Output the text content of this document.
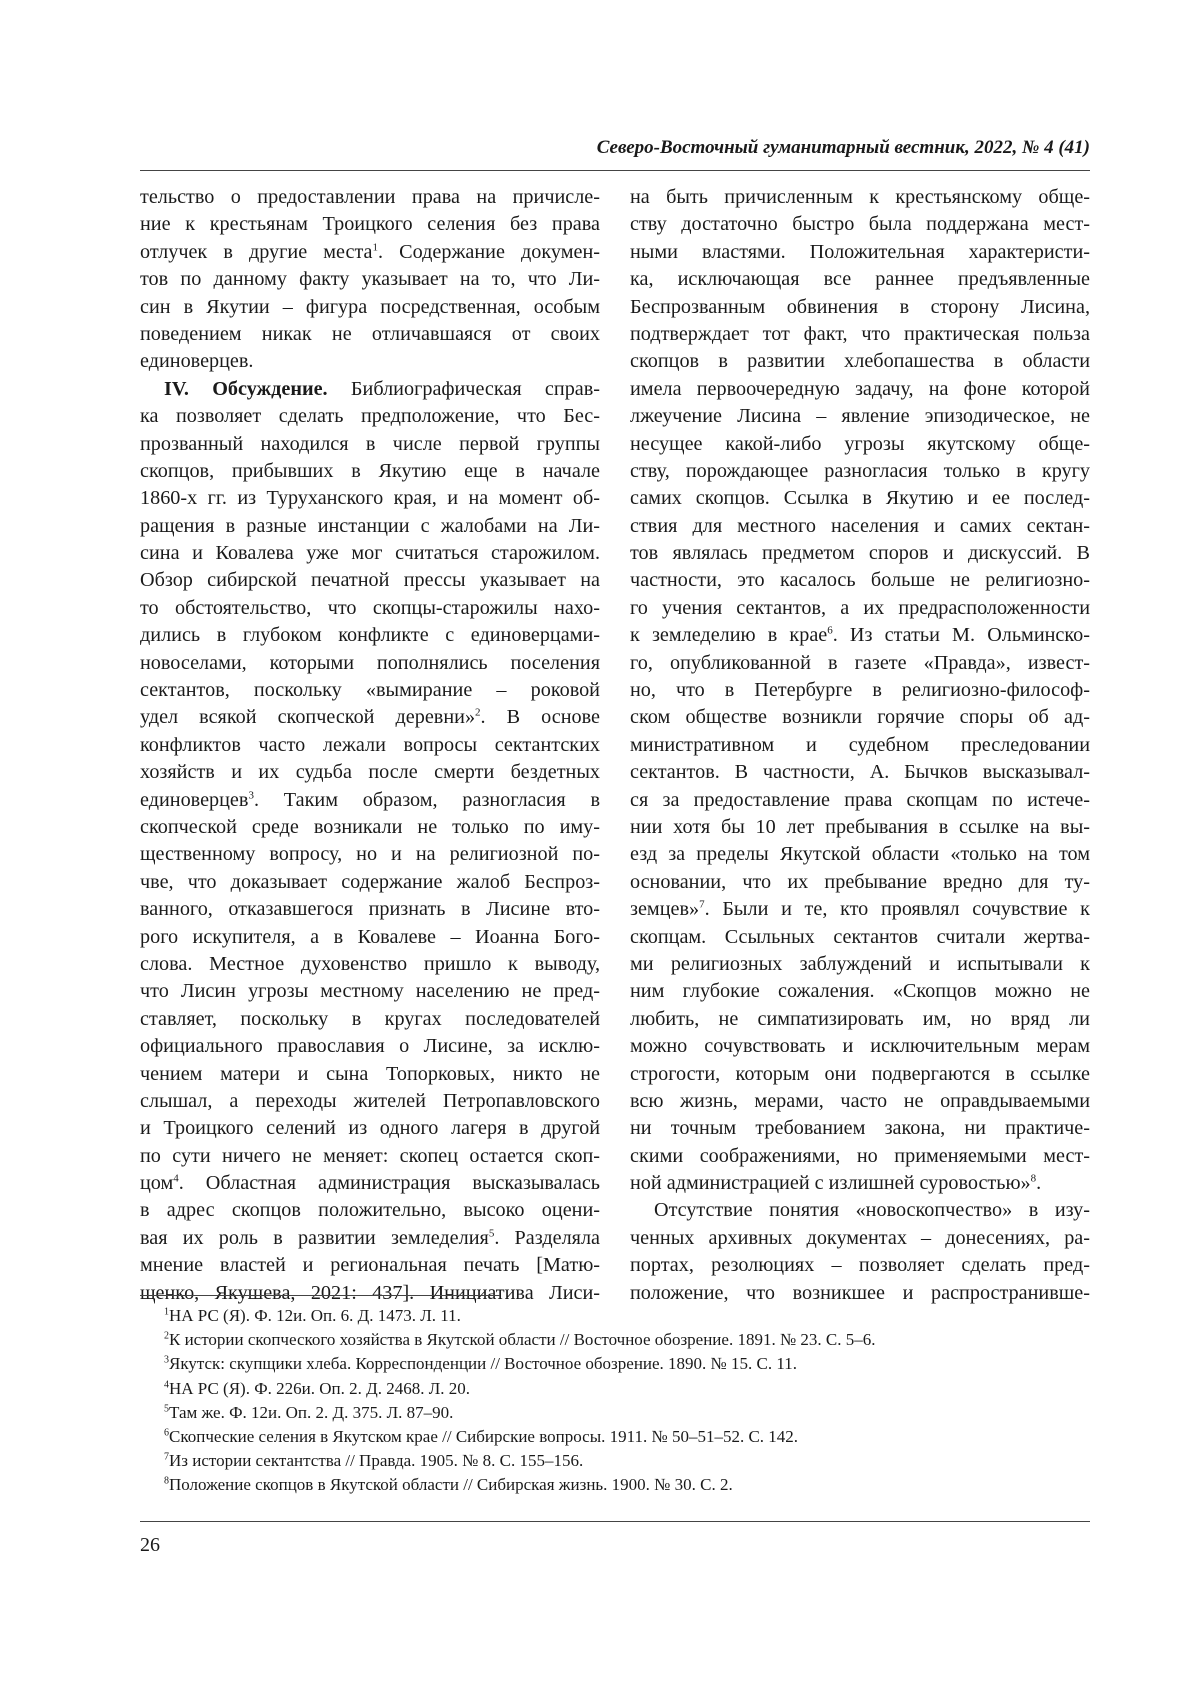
Северо-Восточный гуманитарный вестник, 2022, № 4 (41)
тельство о предоставлении права на причисле-
ние к крестьянам Троицкого селения без права
отлучек в другие места$^1$. Содержание докумен-
тов по данному факту указывает на то, что Ли-
син в Якутии – фигура посредственная, особым
поведением никак не отличавшаяся от своих
единоверцев.
IV. Обсуждение. Библиографическая справ-
ка позволяет сделать предположение, что Бес-
прозванный находился в числе первой группы
скопцов, прибывших в Якутию еще в начале
1860-х гг. из Туруханского края, и на момент об-
ращения в разные инстанции с жалобами на Ли-
сина и Ковалева уже мог считаться старожилом.
Обзор сибирской печатной прессы указывает на
то обстоятельство, что скопцы-старожилы нахо-
дились в глубоком конфликте с единоверцами-
новоселами, которыми пополнялись поселения
сектантов, поскольку «вымирание – роковой
удел всякой скопческой деревни»$^2$. В основе
конфликтов часто лежали вопросы сектантских
хозяйств и их судьба после смерти бездетных
единоверцев$^3$. Таким образом, разногласия в
скопческой среде возникали не только по иму-
щественному вопросу, но и на религиозной по-
чве, что доказывает содержание жалоб Беспроз-
ванного, отказавшегося признать в Лисине вто-
рого искупителя, а в Ковалеве – Иоанна Бого-
слова. Местное духовенство пришло к выводу,
что Лисин угрозы местному населению не пред-
ставляет, поскольку в кругах последователей
официального православия о Лисине, за исклю-
чением матери и сына Топорковых, никто не
слышал, а переходы жителей Петропавловского
и Троицкого селений из одного лагеря в другой
по сути ничего не меняет: скопец остается скоп-
цом$^4$. Областная администрация высказывалась
в адрес скопцов положительно, высоко оцени-
вая их роль в развитии земледелия$^5$. Разделяла
мнение властей и региональная печать [Матю-
щенко, Якушева, 2021: 437]. Инициатива Лиси-
на быть причисленным к крестьянскому обще-
ству достаточно быстро была поддержана мест-
ными властями. Положительная характеристи-
ка, исключающая все раннее предъявленные
Беспрозванным обвинения в сторону Лисина,
подтверждает тот факт, что практическая польза
скопцов в развитии хлебопашества в области
имела первоочередную задачу, на фоне которой
лжеучение Лисина – явление эпизодическое, не
несущее какой-либо угрозы якутскому обще-
ству, порождающее разногласия только в кругу
самих скопцов. Ссылка в Якутию и ее послед-
ствия для местного населения и самих сектан-
тов являлась предметом споров и дискуссий. В
частности, это касалось больше не религиозно-
го учения сектантов, а их предрасположенности
к земледелию в крае$^6$. Из статьи М. Ольминско-
го, опубликованной в газете «Правда», извест-
но, что в Петербурге в религиозно-философ-
ском обществе возникли горячие споры об ад-
министративном и судебном преследовании
сектантов. В частности, А. Бычков высказывал-
ся за предоставление права скопцам по истече-
нии хотя бы 10 лет пребывания в ссылке на вы-
езд за пределы Якутской области «только на том
основании, что их пребывание вредно для ту-
земцев»$^7$. Были и те, кто проявлял сочувствие к
скопцам. Ссыльных сектантов считали жертва-
ми религиозных заблуждений и испытывали к
ним глубокие сожаления. «Скопцов можно не
любить, не симпатизировать им, но вряд ли
можно сочувствовать и исключительным мерам
строгости, которым они подвергаются в ссылке
всю жизнь, мерами, часто не оправдываемыми
ни точным требованием закона, ни практиче-
скими соображениями, но применяемыми мест-
ной администрацией с излишней суровостью»$^8$.
Отсутствие понятия «новоскопчество» в изу-
ченных архивных документах – донесениях, ра-
портах, резолюциях – позволяет сделать пред-
положение, что возникшее и распространивше-
$^1$НА РС (Я). Ф. 12и. Оп. 6. Д. 1473. Л. 11.
$^2$К истории скопческого хозяйства в Якутской области // Восточное обозрение. 1891. № 23. С. 5–6.
$^3$Якутск: скупщики хлеба. Корреспонденции // Восточное обозрение. 1890. № 15. С. 11.
$^4$НА РС (Я). Ф. 226и. Оп. 2. Д. 2468. Л. 20.
$^5$Там же. Ф. 12и. Оп. 2. Д. 375. Л. 87–90.
$^6$Скопческие селения в Якутском крае // Сибирские вопросы. 1911. № 50–51–52. С. 142.
$^7$Из истории сектантства // Правда. 1905. № 8. С. 155–156.
$^8$Положение скопцов в Якутской области // Сибирская жизнь. 1900. № 30. С. 2.
26
